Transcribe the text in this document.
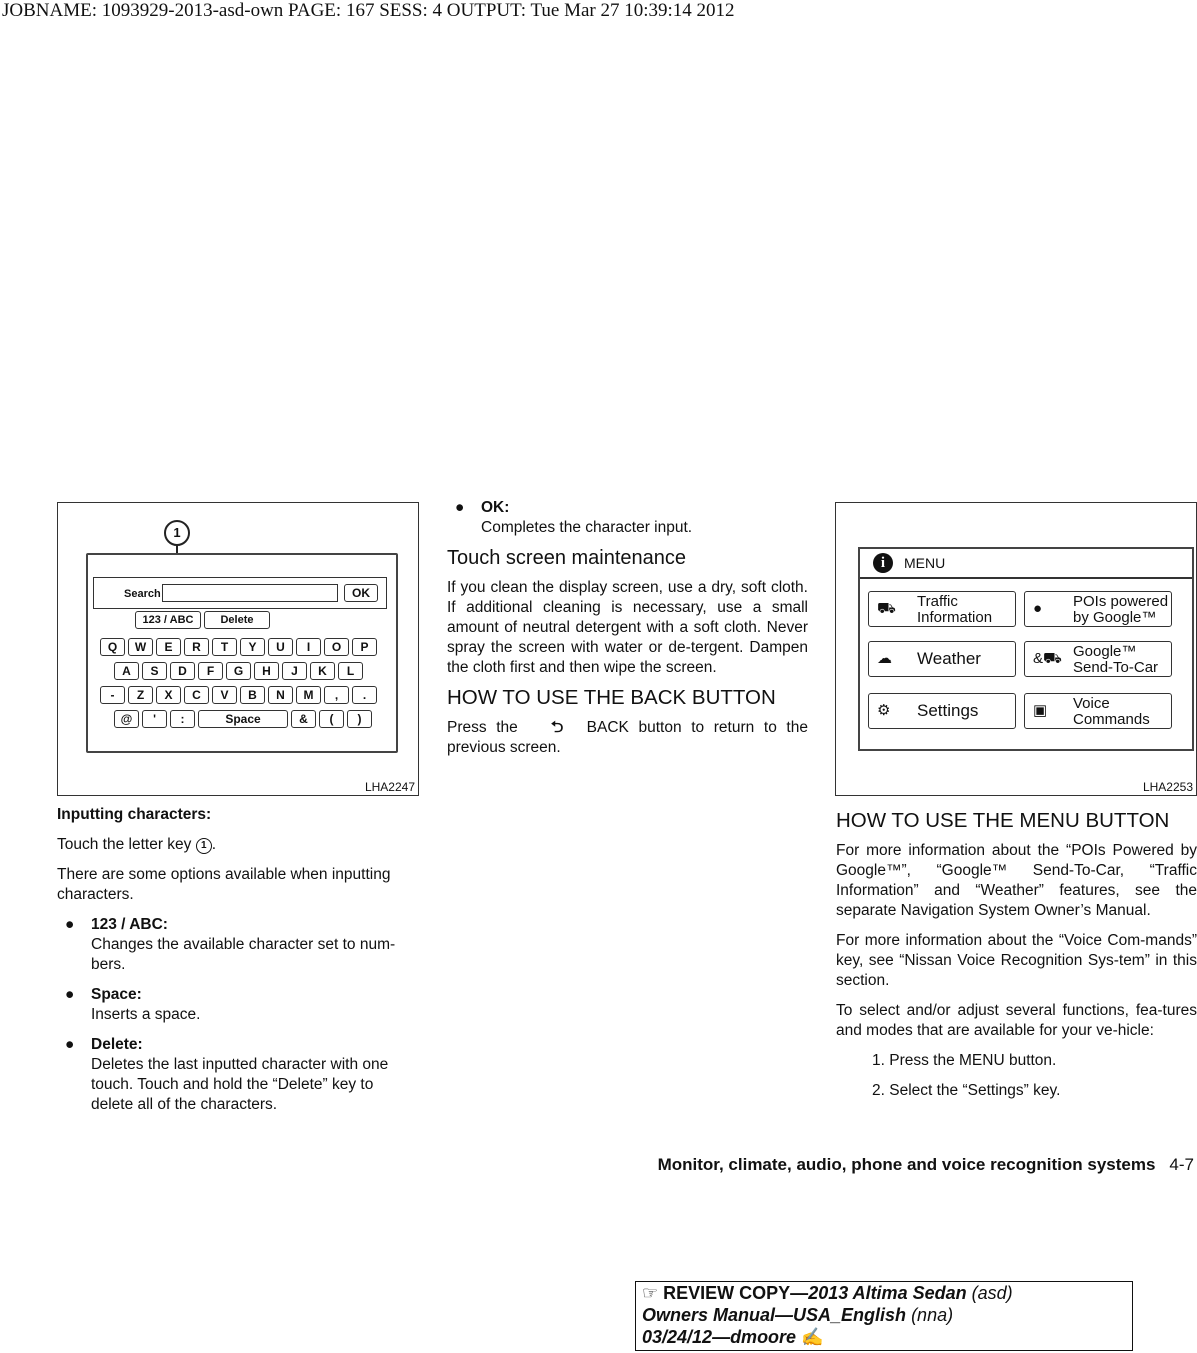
JOBNAME: 1093929-2013-asd-own PAGE: 167 SESS: 4 OUTPUT: Tue Mar 27 10:39:14 2012
1
Search	OK
123 / ABC	Delete
Q	W	E	R	T	Y	U	I	O	P
A	S	D	F	G	H	J	K	L
-	Z	X	C	V	B	N	M	,	.
@	'	:	Space	&	(	)
LHA2247

Inputting characters:

Touch the letter key 1 .

There are some options available when inputting characters.

● 123 / ABC:
Changes the available character set to num-bers.
● Space:
Inserts a space.
● Delete:
Deletes the last inputted character with one touch. Touch and hold the “Delete” key to delete all of the characters.
● OK:
Completes the character input.
Touch screen maintenance

If you clean the display screen, use a dry, soft cloth. If additional cleaning is necessary, use a small amount of neutral detergent with a soft cloth. Never spray the screen with water or de-tergent. Dampen the cloth first and then wipe the screen.

HOW TO USE THE BACK BUTTON

Press the ⮌ BACK button to return to the previous screen.

i	MENU
⛟ Traffic
Information
● POIs powered
by Google™
☁ Weather	&⛟ Google™
Send-To-Car
⚙ Settings	▣ Voice
Commands
LHA2253
HOW TO USE THE MENU BUTTON

For more information about the “POIs Powered by Google™”, “Google™ Send-To-Car, “Traffic Information” and “Weather” features, see the separate Navigation System Owner’s Manual.

For more information about the “Voice Com-mands” key, see “Nissan Voice Recognition Sys-tem” in this section.

To select and/or adjust several functions, fea-tures and modes that are available for your ve-hicle:

1. Press the MENU button.
2. Select the “Settings” key.
Monitor, climate, audio, phone and voice recognition systems 4-7
☞ REVIEW COPY—2013 Altima Sedan (asd)
Owners Manual—USA_English (nna)
03/24/12—dmoore ✍
